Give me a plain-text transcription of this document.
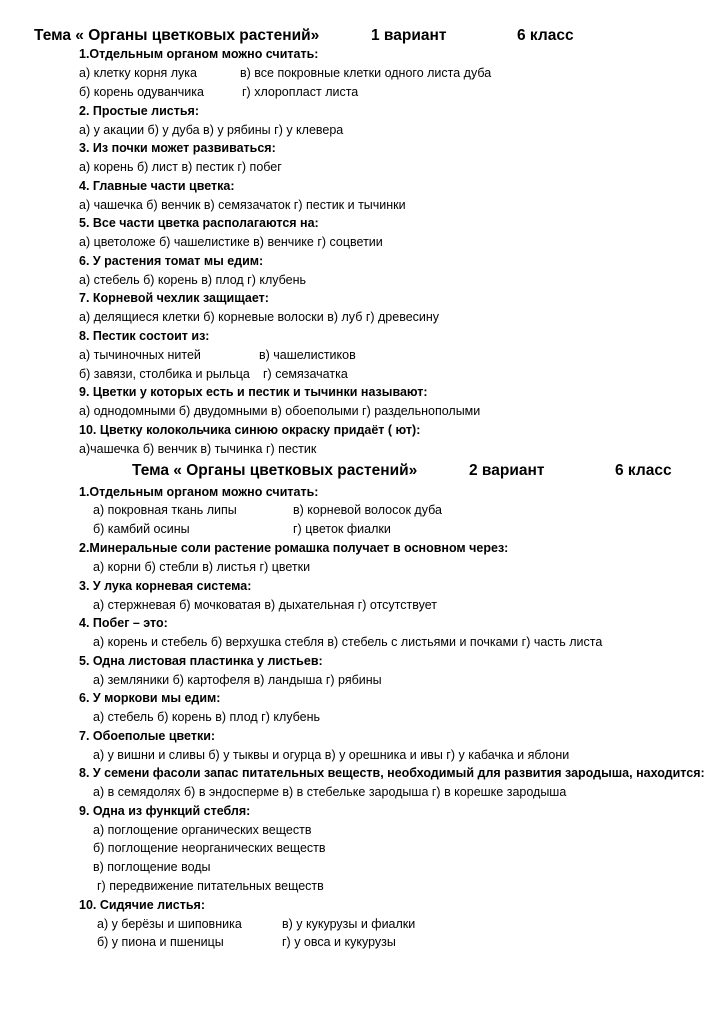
Тема « Органы цветковых растений»	1 вариант	6 класс
1.Отдельным органом можно считать:
а) клетку корня лука	в) все покровные клетки одного листа дуба
б) корень одуванчика	г) хлоропласт листа
2. Простые листья:
а) у акации б) у дуба в) у рябины г) у клевера
3. Из почки может развиваться:
а) корень б) лист в) пестик г) побег
4. Главные части цветка:
а) чашечка б) венчик в) семязачаток г) пестик и тычинки
5. Все части цветка располагаются на:
а) цветоложе б) чашелистике в) венчике г) соцветии
6. У растения томат мы едим:
а) стебель б) корень в) плод г) клубень
7. Корневой чехлик защищает:
а) делящиеся клетки б) корневые волоски в) луб г) древесину
8. Пестик состоит из:
а) тычиночных нитей	в) чашелистиков
б) завязи, столбика и рыльца г) семязачатка
9. Цветки у которых есть и пестик и тычинки называют:
а) однодомными б) двудомными в) обоеполыми г) раздельнополыми
10. Цветку колокольчика синюю окраску придаёт ( ют):
а)чашечка б) венчик в) тычинка г) пестик
Тема « Органы цветковых растений»	2 вариант	6 класс
1.Отдельным органом можно считать:
а) покровная ткань липы	в) корневой волосок дуба
б) камбий осины	г) цветок фиалки
2.Минеральные соли растение ромашка получает в основном через:
а) корни б) стебли в) листья г) цветки
3. У лука корневая система:
а) стержневая б) мочковатая в) дыхательная г) отсутствует
4. Побег – это:
а) корень и стебель б) верхушка стебля в) стебель с листьями и почками г) часть листа
5. Одна листовая пластинка у листьев:
а) земляники б) картофеля в) ландыша г) рябины
6. У моркови мы едим:
а) стебель б) корень в) плод г) клубень
7. Обоеполые цветки:
а) у вишни и сливы б) у тыквы и огурца в) у орешника и ивы г) у кабачка и яблони
8. У семени фасоли запас питательных веществ, необходимый для развития зародыша, находится:
а) в семядолях б) в эндосперме в) в стебельке зародыша г) в корешке зародыша
9. Одна из функций стебля:
а) поглощение органических веществ
б) поглощение неорганических веществ
в) поглощение воды
г) передвижение питательных веществ
10. Сидячие листья:
а) у берёзы и шиповника	в) у кукурузы и фиалки
б) у пиона и пшеницы	г) у овса и кукурузы
